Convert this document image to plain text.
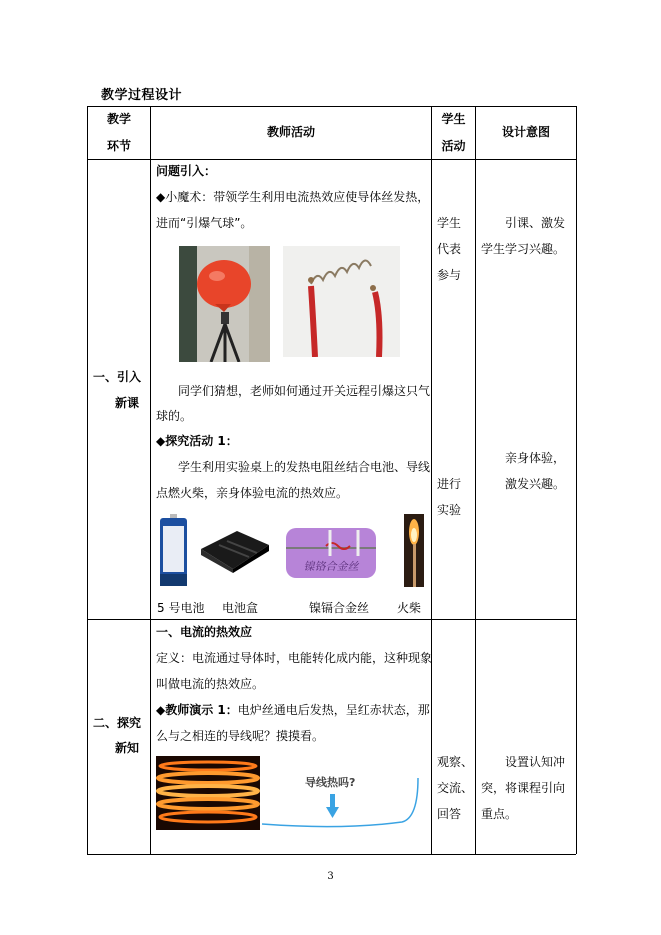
教学过程设计
教学
环节
教师活动
学生
活动
设计意图
一、引入
新课
问题引入：
◆小魔术：带领学生利用电流热效应使导体丝发热，
进而“引爆气球”。
同学们猜想，老师如何通过开关远程引爆这只气
球的。
◆探究活动 1：
学生利用实验桌上的发热电阻丝结合电池、导线
点燃火柴，亲身体验电流的热效应。
镍铬合金丝
5 号电池 电池盒	镍镉合金丝 火柴
学生
代表
参与
进行
实验
引课、激发
学生学习兴趣。
亲身体验，
激发兴趣。
二、探究
新知
一、电流的热效应
定义：电流通过导体时，电能转化成内能，这种现象
叫做电流的热效应。
◆教师演示 1：电炉丝通电后发热，呈红赤状态，那
么与之相连的导线呢？摸摸看。
导线热吗?
观察、
交流、
回答
设置认知冲
突，将课程引向
重点。
3
